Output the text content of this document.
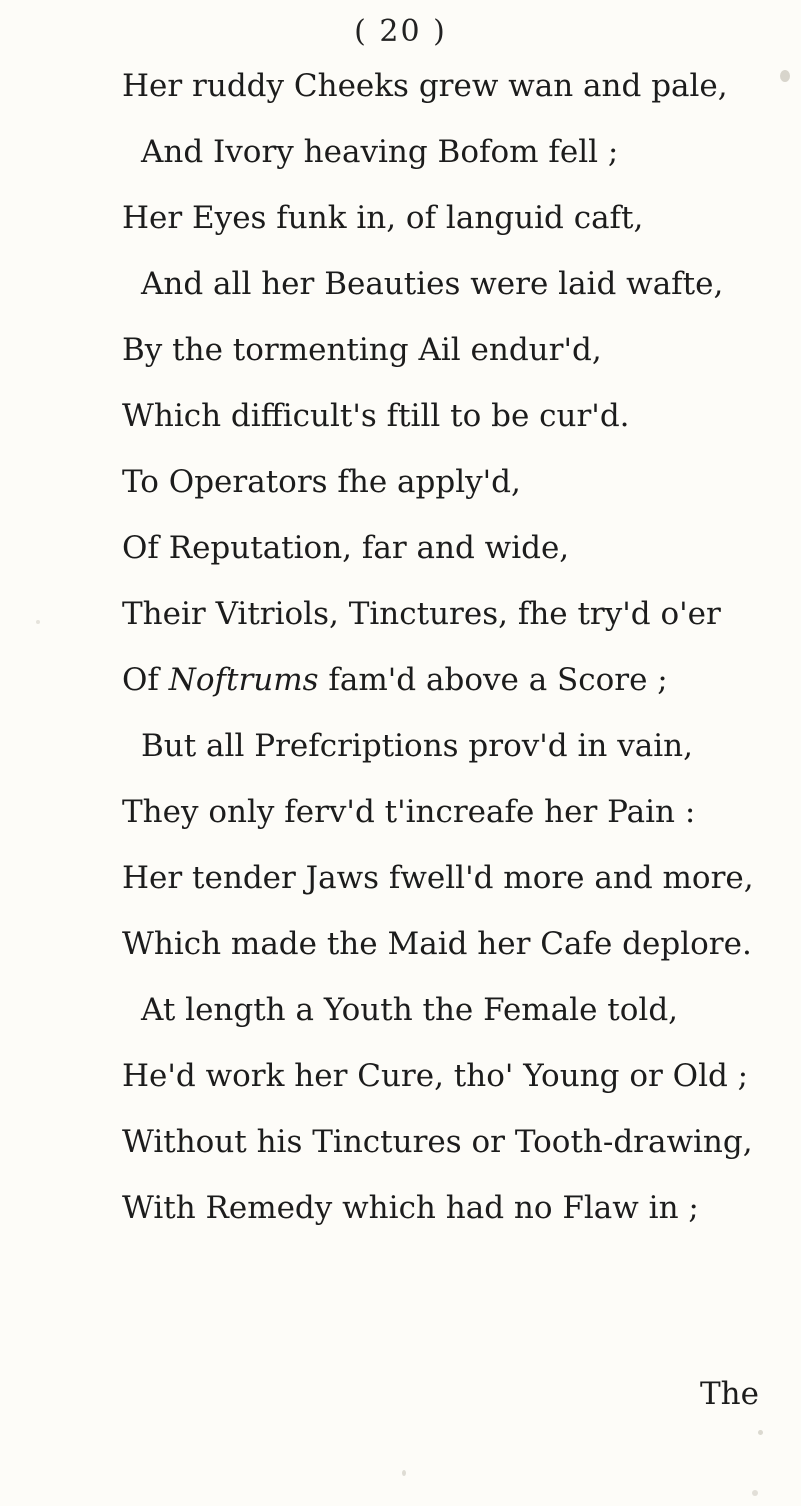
( 20 )
Her ruddy Cheeks grew wan and pale,
And Ivory heaving Bofom fell ;
Her Eyes funk in, of languid caft,
And all her Beauties were laid wafte,
By the tormenting Ail endur'd,
Which difficult's ftill to be cur'd.
To Operators fhe apply'd,
Of Reputation, far and wide,
Their Vitriols, Tinctures, fhe try'd o'er
Of Noftrums fam'd above a Score ;
But all Prefcriptions prov'd in vain,
They only ferv'd t'increafe her Pain :
Her tender Jaws fwell'd more and more,
Which made the Maid her Cafe deplore.
At length a Youth the Female told,
He'd work her Cure, tho' Young or Old ;
Without his Tinctures or Tooth-drawing,
With Remedy which had no Flaw in ;
The
